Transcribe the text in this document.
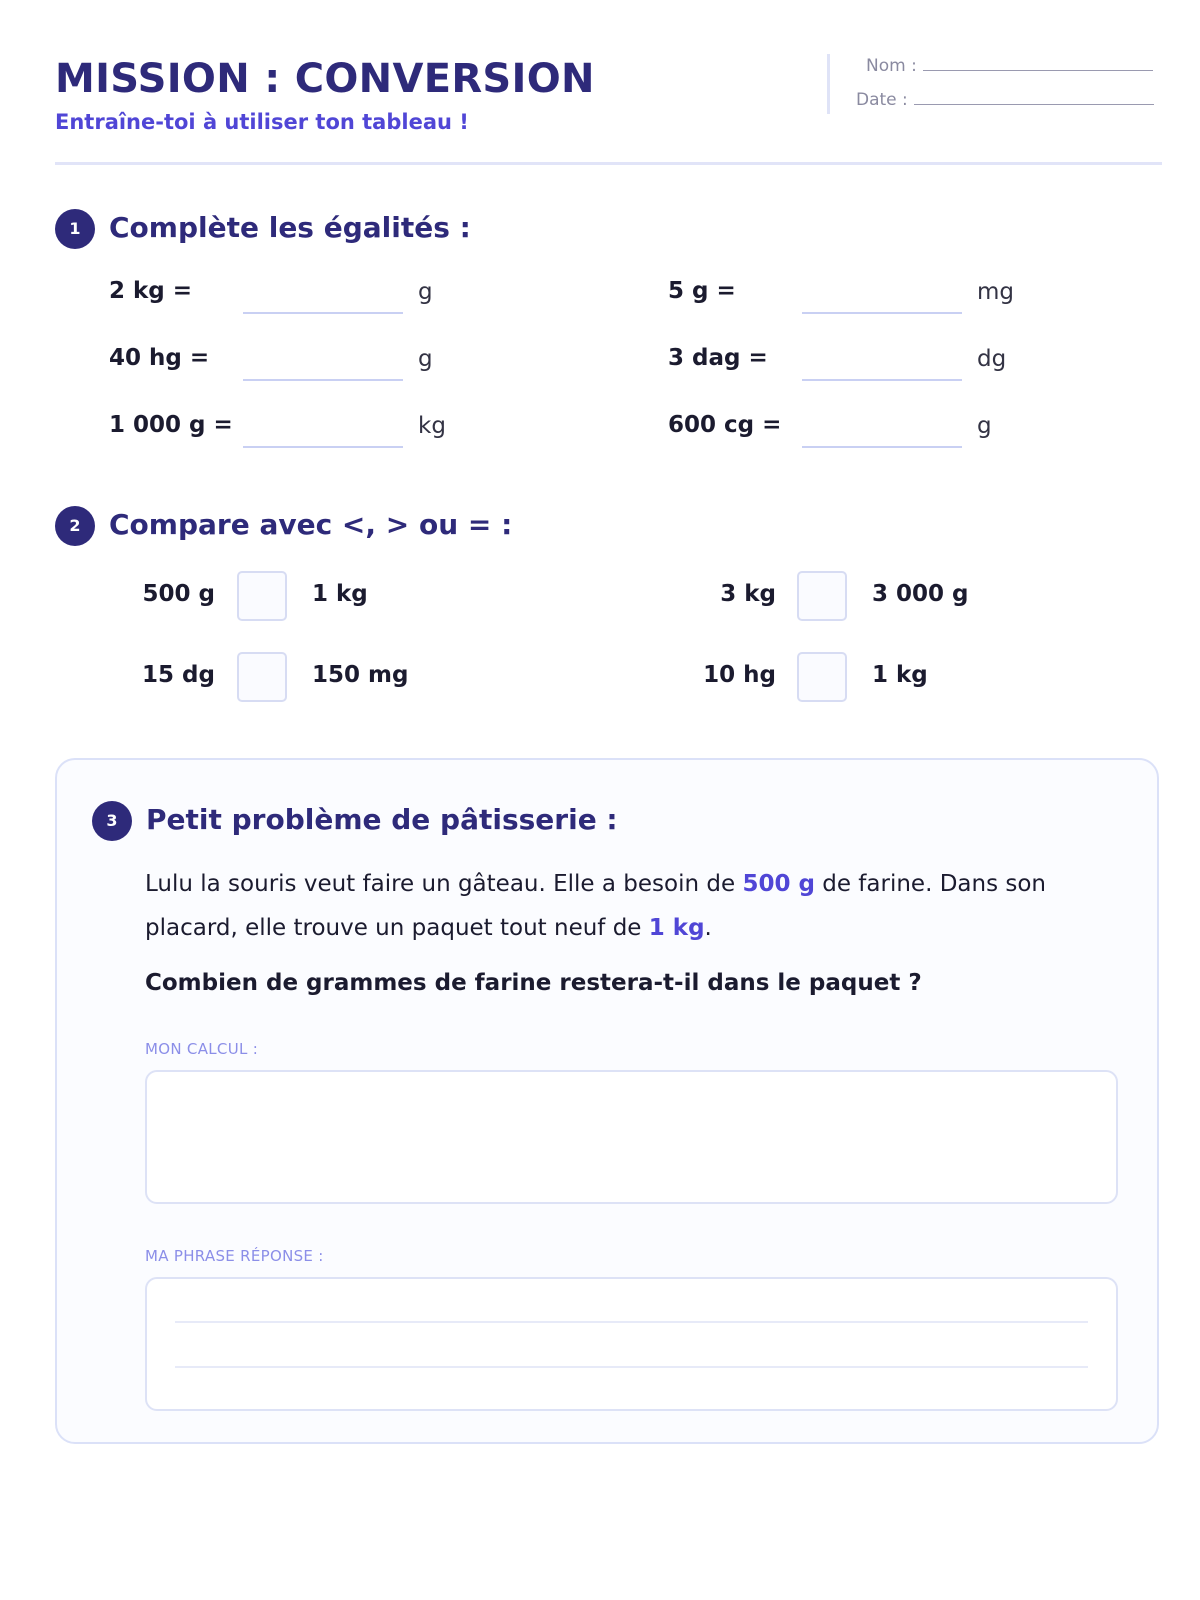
MISSION : CONVERSION
Entraîne-toi à utiliser ton tableau !
Nom :
Date :
1	Complète les égalités :
2 kg =	g
40 hg =	g
1 000 g =	kg
5 g =	mg
3 dag =	dg
600 cg =	g
2	Compare avec <, > ou = :
500 g	1 kg
15 dg	150 mg
3 kg	3 000 g
10 hg	1 kg
3	Petit problème de pâtisserie :
Lulu la souris veut faire un gâteau. Elle a besoin de 500 g de farine. Dans son placard, elle trouve un paquet tout neuf de 1 kg.
Combien de grammes de farine restera-t-il dans le paquet ?
MON CALCUL :
MA PHRASE RÉPONSE :
